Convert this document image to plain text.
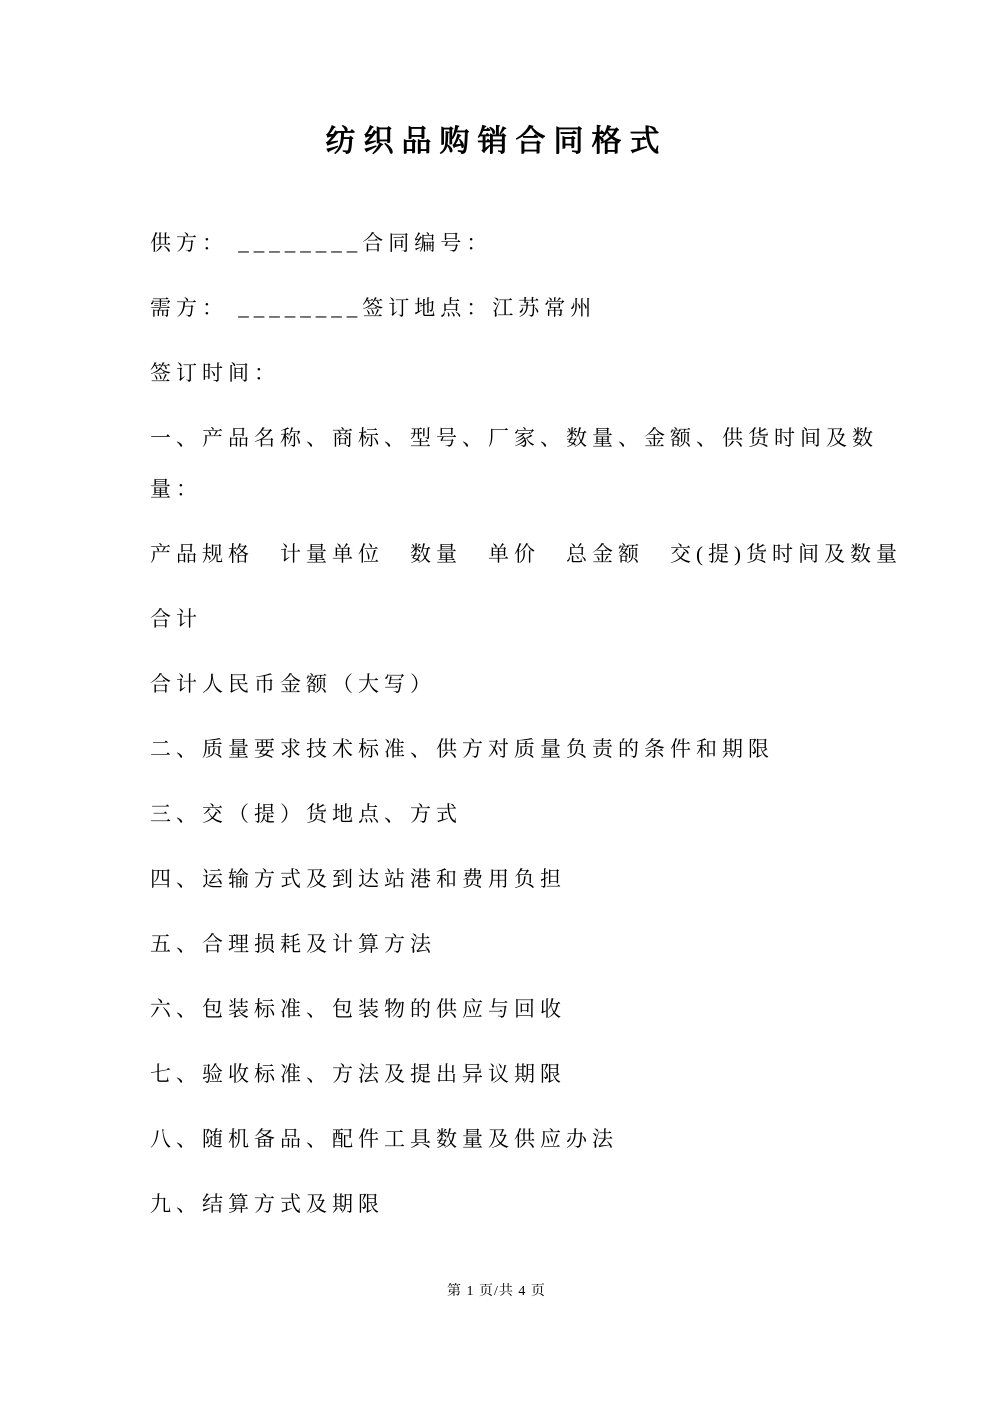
纺织品购销合同格式
供方： ________合同编号：
需方： ________签订地点：江苏常州
签订时间：
一、产品名称、商标、型号、厂家、数量、金额、供货时间及数
量：
产品规格　计量单位　数量　单价　总金额　交(提)货时间及数量
合计
合计人民币金额（大写）
二、质量要求技术标准、供方对质量负责的条件和期限
三、交（提）货地点、方式
四、运输方式及到达站港和费用负担
五、合理损耗及计算方法
六、包装标准、包装物的供应与回收
七、验收标准、方法及提出异议期限
八、随机备品、配件工具数量及供应办法
九、结算方式及期限
第 1 页/共 4 页
